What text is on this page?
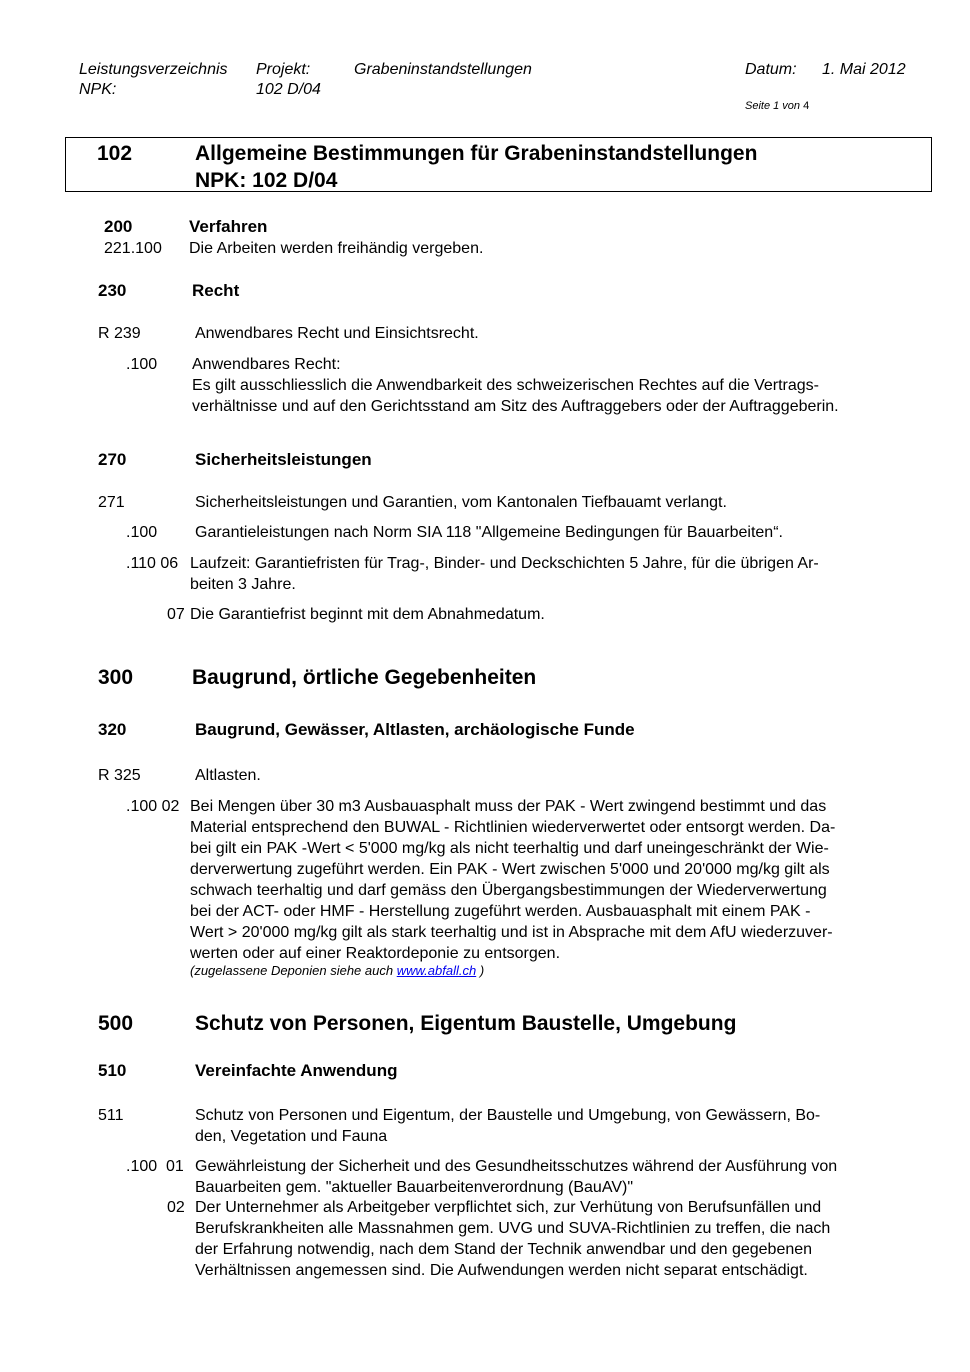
Leistungsverzeichnis
NPK:
Projekt:	Grabeninstandstellungen
102 D/04
Datum: 1. Mai 2012
Seite 1 von 4
102	Allgemeine Bestimmungen für Grabeninstandstellungen
NPK: 102 D/04
200	Verfahren
221.100 Die Arbeiten werden freihändig vergeben.
230	Recht
R 239	Anwendbares Recht und Einsichtsrecht.
.100 Anwendbares Recht:
Es gilt ausschliesslich die Anwendbarkeit des schweizerischen Rechtes auf die Vertrags-
verhältnisse und auf den Gerichtsstand am Sitz des Auftraggebers oder der Auftraggeberin.
270	Sicherheitsleistungen
271	Sicherheitsleistungen und Garantien, vom Kantonalen Tiefbauamt verlangt.
.100 Garantieleistungen nach Norm SIA 118 "Allgemeine Bedingungen für Bauarbeiten“.
.110 06 Laufzeit: Garantiefristen für Trag-, Binder- und Deckschichten 5 Jahre, für die übrigen Ar-
beiten 3 Jahre.
07 Die Garantiefrist beginnt mit dem Abnahmedatum.
300	Baugrund, örtliche Gegebenheiten
320	Baugrund, Gewässer, Altlasten, archäologische Funde
R 325	Altlasten.
.100 02 Bei Mengen über 30 m3 Ausbauasphalt muss der PAK - Wert zwingend bestimmt und das
Material entsprechend den BUWAL - Richtlinien wiederverwertet oder entsorgt werden. Da-
bei gilt ein PAK -Wert < 5'000 mg/kg als nicht teerhaltig und darf uneingeschränkt der Wie-
derverwertung zugeführt werden. Ein PAK - Wert zwischen 5'000 und 20'000 mg/kg gilt als
schwach teerhaltig und darf gemäss den Übergangsbestimmungen der Wiederverwertung
bei der ACT- oder HMF - Herstellung zugeführt werden. Ausbauasphalt mit einem PAK -
Wert > 20'000 mg/kg gilt als stark teerhaltig und ist in Absprache mit dem AfU wiederzuver-
werten oder auf einer Reaktordeponie zu entsorgen.
(zugelassene Deponien siehe auch www.abfall.ch )
500	Schutz von Personen, Eigentum Baustelle, Umgebung
510	Vereinfachte Anwendung
511	Schutz von Personen und Eigentum, der Baustelle und Umgebung, von Gewässern, Bo-
den, Vegetation und Fauna
.100  01 Gewährleistung der Sicherheit und des Gesundheitsschutzes während der Ausführung von
Bauarbeiten gem. "aktueller Bauarbeitenverordnung (BauAV)"
02 Der Unternehmer als Arbeitgeber verpflichtet sich, zur Verhütung von Berufsunfällen und
Berufskrankheiten alle Massnahmen gem. UVG und SUVA-Richtlinien zu treffen, die nach
der Erfahrung notwendig, nach dem Stand der Technik anwendbar und den gegebenen
Verhältnissen angemessen sind. Die Aufwendungen werden nicht separat entschädigt.
